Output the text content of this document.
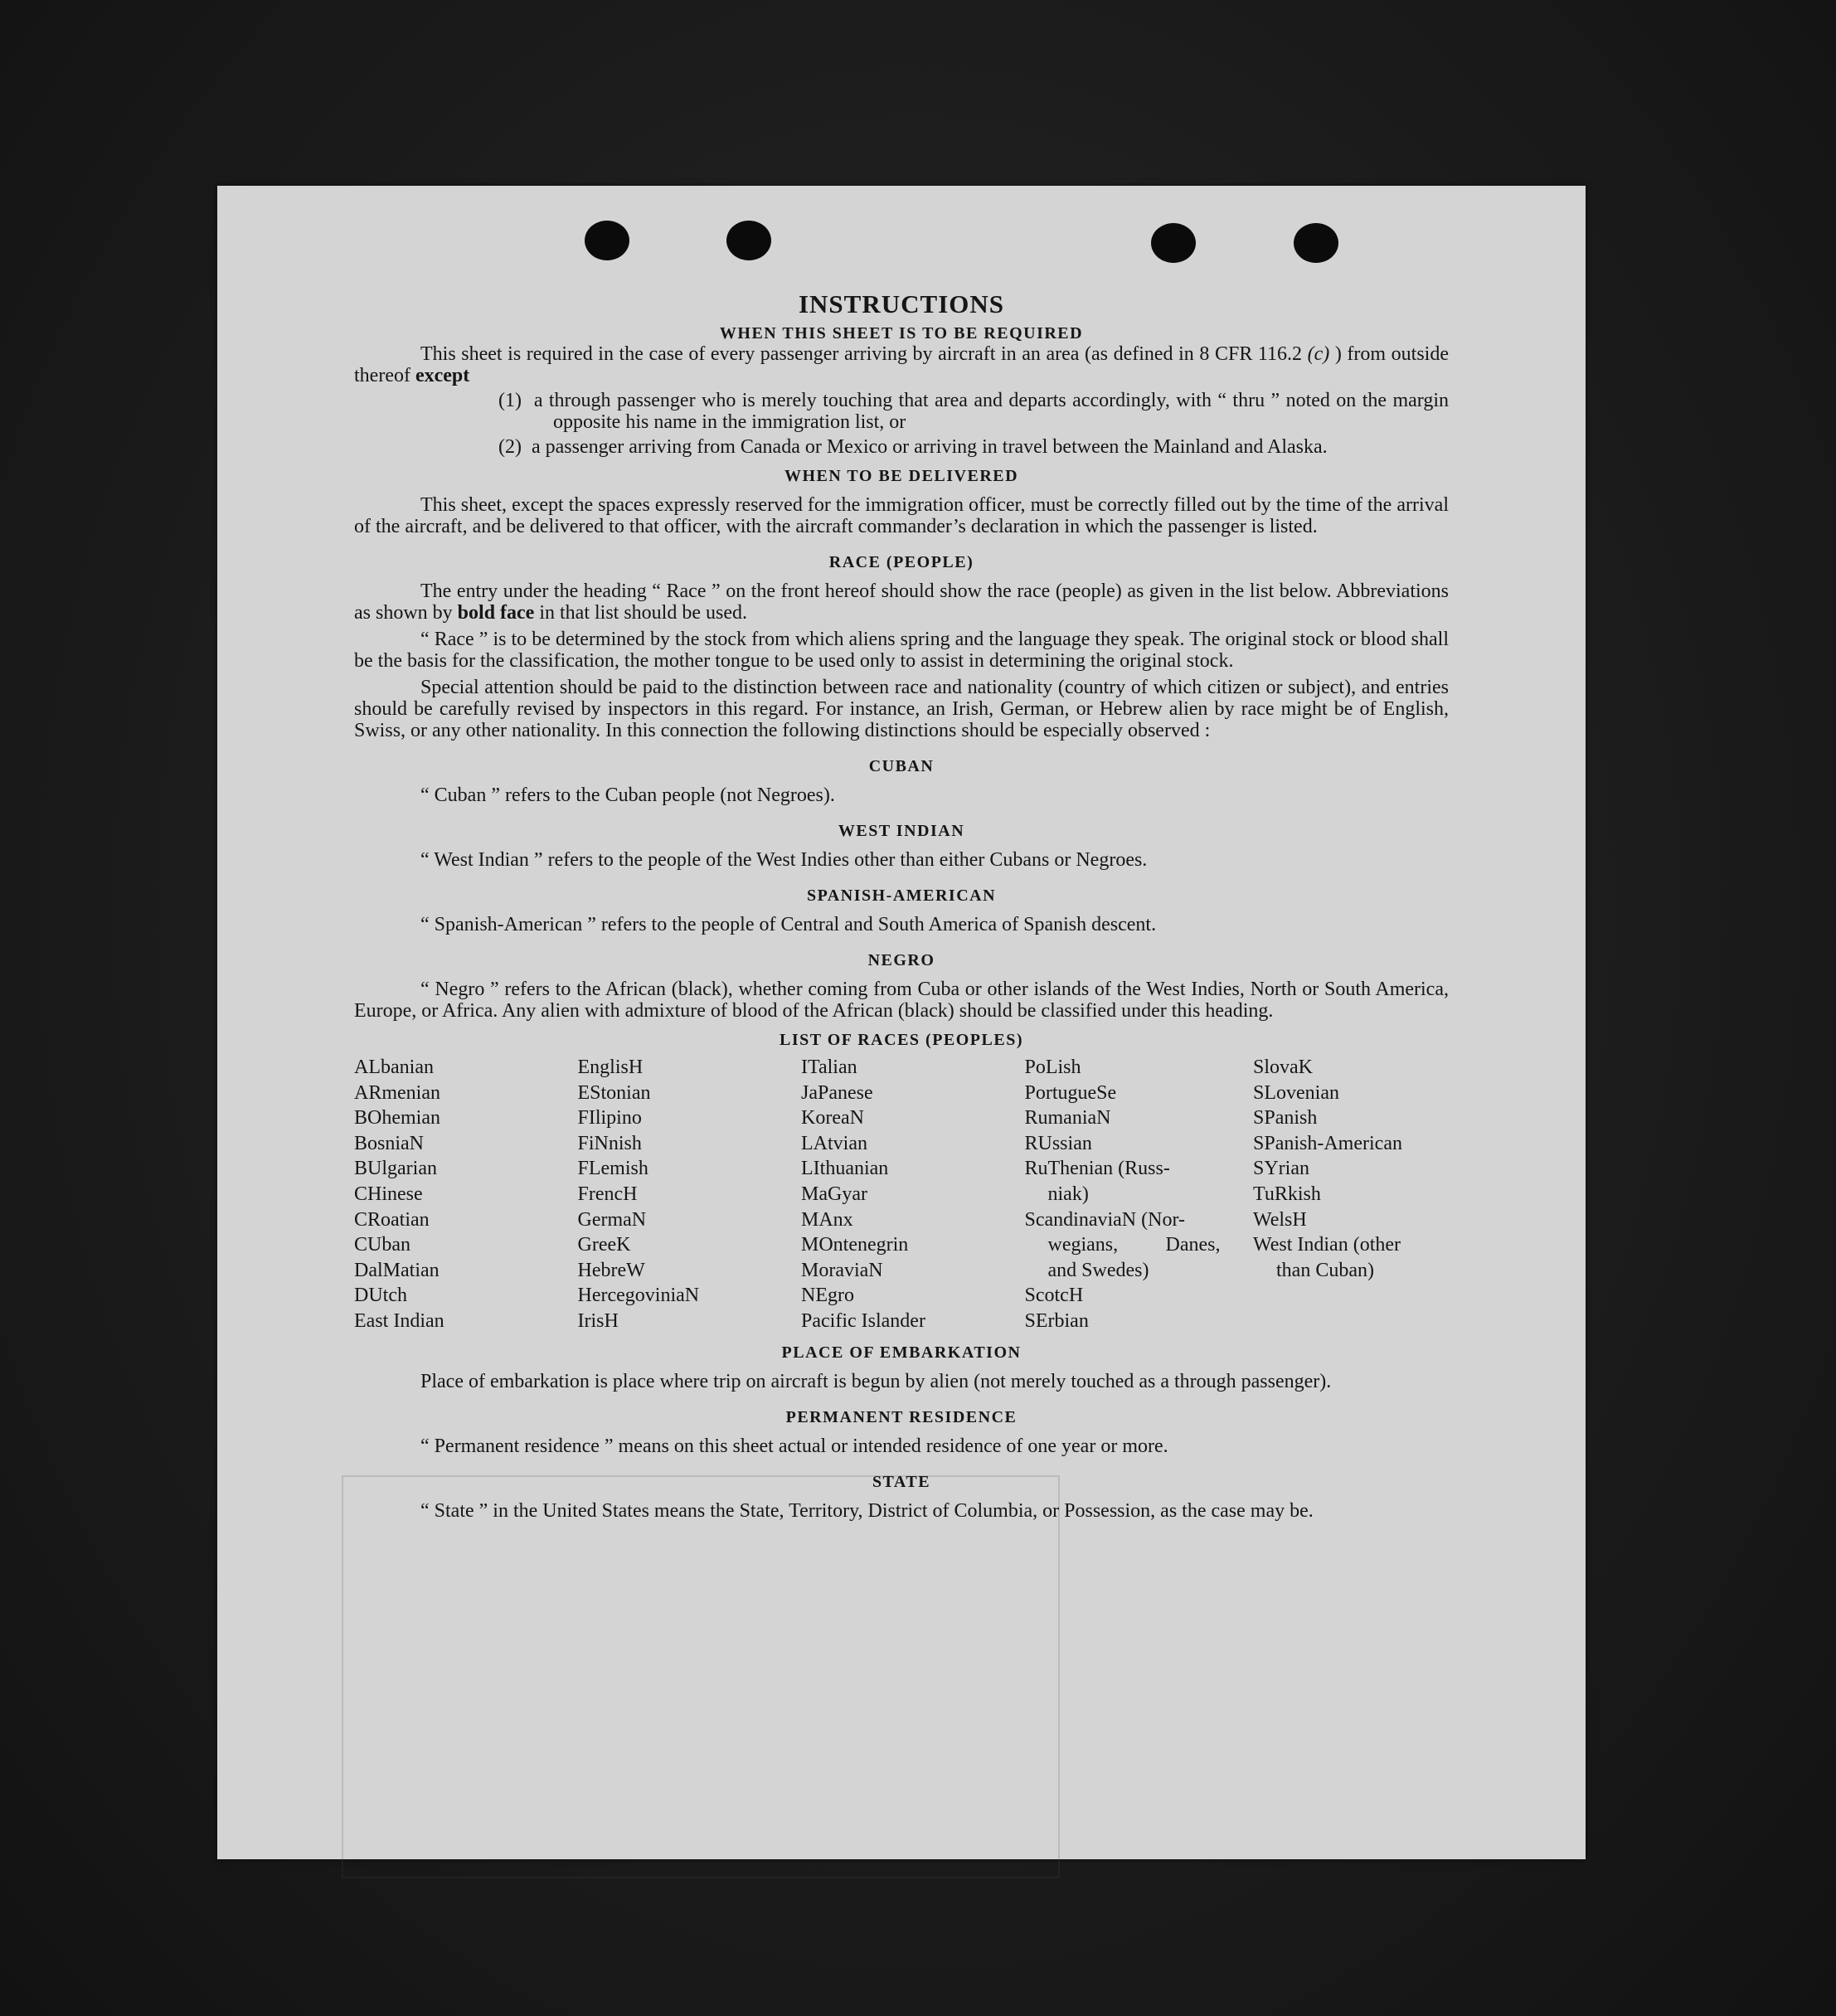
INSTRUCTIONS
WHEN THIS SHEET IS TO BE REQUIRED

This sheet is required in the case of every passenger arriving by aircraft in an area (as defined in 8 CFR 116.2 (c) ) from outside thereof except

(1) a through passenger who is merely touching that area and departs accordingly, with “ thru ” noted on the margin opposite his name in the immigration list, or

(2) a passenger arriving from Canada or Mexico or arriving in travel between the Mainland and Alaska.

WHEN TO BE DELIVERED

This sheet, except the spaces expressly reserved for the immigration officer, must be correctly filled out by the time of the arrival of the aircraft, and be delivered to that officer, with the aircraft commander’s declaration in which the passenger is listed.

RACE (PEOPLE)

The entry under the heading “ Race ” on the front hereof should show the race (people) as given in the list below. Abbreviations as shown by bold face in that list should be used.

“ Race ” is to be determined by the stock from which aliens spring and the language they speak. The original stock or blood shall be the basis for the classification, the mother tongue to be used only to assist in determining the original stock.

Special attention should be paid to the distinction between race and nationality (country of which citizen or subject), and entries should be carefully revised by inspectors in this regard. For instance, an Irish, German, or Hebrew alien by race might be of English, Swiss, or any other nationality. In this connection the following distinctions should be especially observed :

CUBAN

“ Cuban ” refers to the Cuban people (not Negroes).

WEST INDIAN

“ West Indian ” refers to the people of the West Indies other than either Cubans or Negroes.

SPANISH-AMERICAN

“ Spanish-American ” refers to the people of Central and South America of Spanish descent.

NEGRO

“ Negro ” refers to the African (black), whether coming from Cuba or other islands of the West Indies, North or South America, Europe, or Africa. Any alien with admixture of blood of the African (black) should be classified under this heading.

LIST OF RACES (PEOPLES)
ALbanian
ARmenian
BOhemian
BosniaN
BUlgarian
CHinese
CRoatian
CUban
DalMatian
DUtch
East Indian
EnglisH
EStonian
FIlipino
FiNnish
FLemish
FrencH
GermaN
GreeK
HebreW
HercegoviniaN
IrisH
ITalian
JaPanese
KoreaN
LAtvian
LIthuanian
MaGyar
MAnx
MOntenegrin
MoraviaN
NEgro
Pacific Islander
PoLish
PortugueSe
RumaniaN
RUssian
RuThenian (Russ-
niak)
ScandinaviaN (Nor-
wegians, Danes,
and Swedes)
ScotcH
SErbian
SlovaK
SLovenian
SPanish
SPanish-American
SYrian
TuRkish
WelsH
West Indian (other
than Cuban)
PLACE OF EMBARKATION

Place of embarkation is place where trip on aircraft is begun by alien (not merely touched as a through passenger).

PERMANENT RESIDENCE

“ Permanent residence ” means on this sheet actual or intended residence of one year or more.

STATE

“ State ” in the United States means the State, Territory, District of Columbia, or Possession, as the case may be.
